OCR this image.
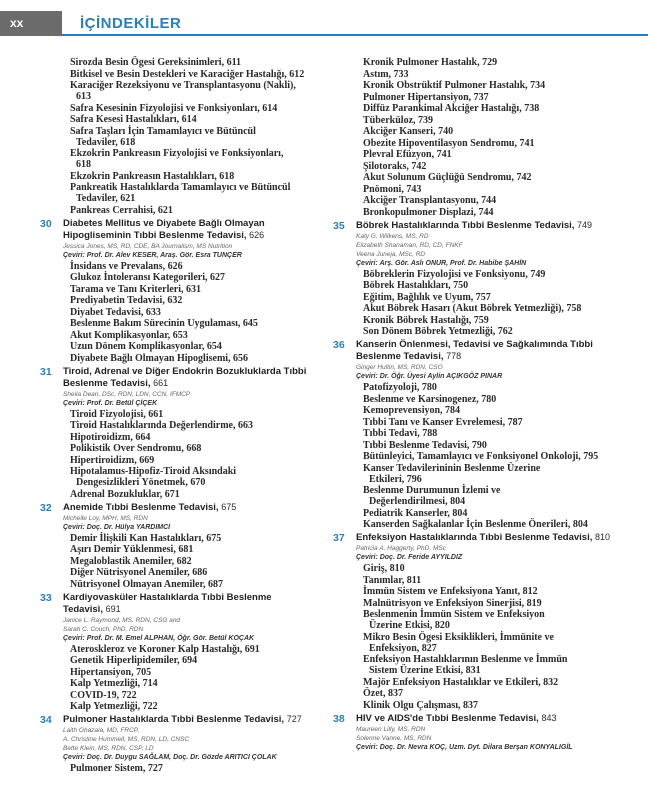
xx	İÇİNDEKİLER
Sirozda Besin Ögesi Gereksinimleri, 611
Bitkisel ve Besin Destekleri ve Karaciğer Hastalığı, 612
Karaciğer Rezeksiyonu ve Transplantasyonu (Nakli),
613
Safra Kesesinin Fizyolojisi ve Fonksiyonları, 614
Safra Kesesi Hastalıkları, 614
Safra Taşları İçin Tamamlayıcı ve Bütüncül
Tedaviler, 618
Ekzokrin Pankreasın Fizyolojisi ve Fonksiyonları,
618
Ekzokrin Pankreasın Hastalıkları, 618
Pankreatik Hastalıklarda Tamamlayıcı ve Bütüncül
Tedaviler, 621
Pankreas Cerrahisi, 621
30 Diabetes Mellitus ve Diyabete Bağlı Olmayan Hipogliseminin Tıbbi Beslenme Tedavisi, 626
Jessica Jones, MS, RD, CDE, BA Journalism, MS Nutrition
Çeviri: Prof. Dr. Alev KESER, Araş. Gör. Esra TUNÇER
İnsidans ve Prevalans, 626
Glukoz İntoleransı Kategorileri, 627
Tarama ve Tanı Kriterleri, 631
Prediyabetin Tedavisi, 632
Diyabet Tedavisi, 633
Beslenme Bakım Sürecinin Uygulaması, 645
Akut Komplikasyonlar, 653
Uzun Dönem Komplikasyonlar, 654
Diyabete Bağlı Olmayan Hipoglisemi, 656
31 Tiroid, Adrenal ve Diğer Endokrin Bozukluklarda Tıbbi Beslenme Tedavisi, 661
Sheila Dean, DSc, RDN, LDN, CCN, IFMCP
Çeviri: Prof. Dr. Betül ÇİÇEK
Tiroid Fizyolojisi, 661
Tiroid Hastalıklarında Değerlendirme, 663
Hipotiroidizm, 664
Polikistik Over Sendromu, 668
Hipertiroidizm, 669
Hipotalamus-Hipofiz-Tiroid Aksındaki
Dengesizlikleri Yönetmek, 670
Adrenal Bozukluklar, 671
32 Anemide Tıbbi Beslenme Tedavisi, 675
Michelle Loy, MPH, MS, RDN
Çeviri: Doç. Dr. Hülya YARDIMCI
Demir İlişkili Kan Hastalıkları, 675
Aşırı Demir Yüklenmesi, 681
Megaloblastik Anemiler, 682
Diğer Nütrisyonel Anemiler, 686
Nütrisyonel Olmayan Anemiler, 687
33 Kardiyovasküler Hastalıklarda Tıbbi Beslenme Tedavisi, 691
Janice L. Raymond, MS, RDN, CSG and
Sarah C. Couch, PhD, RDN
Çeviri: Prof. Dr. M. Emel ALPHAN, Öğr. Gör. Betül KOÇAK
Ateroskleroz ve Koroner Kalp Hastalığı, 691
Genetik Hiperlipidemiler, 694
Hipertansiyon, 705
Kalp Yetmezliği, 714
COVID-19, 722
Kalp Yetmezliği, 722
34 Pulmoner Hastalıklarda Tıbbi Beslenme Tedavisi, 727
Laith Ghazala, MD, FRCP,
A. Christine Hummell, MS, RDN, LD, CNSC
Bette Klein, MS, RDN, CSP, LD
Çeviri: Doç. Dr. Duygu SAĞLAM, Doç. Dr. Gözde ARITICI ÇOLAK
Pulmoner Sistem, 727
Kronik Pulmoner Hastalık, 729
Astım, 733
Kronik Obstrüktif Pulmoner Hastalık, 734
Pulmoner Hipertansiyon, 737
Diffüz Parankimal Akciğer Hastalığı, 738
Tüberküloz, 739
Akciğer Kanseri, 740
Obezite Hipoventilasyon Sendromu, 741
Plevral Efüzyon, 741
Şilotoraks, 742
Akut Solunum Güçlüğü Sendromu, 742
Pnömoni, 743
Akciğer Transplantasyonu, 744
Bronkopulmoner Displazi, 744
35 Böbrek Hastalıklarında Tıbbi Beslenme Tedavisi, 749
Katy G. Wilkens, MS, RD
Elizabeth Shanaman, RD, CD, FNKF
Veena Juneja, MSc, RD
Çeviri: Arş. Gör. Aslı ONUR, Prof. Dr. Habibe ŞAHİN
Böbreklerin Fizyolojisi ve Fonksiyonu, 749
Böbrek Hastalıkları, 750
Eğitim, Bağlılık ve Uyum, 757
Akut Böbrek Hasarı (Akut Böbrek Yetmezliği), 758
Kronik Böbrek Hastalığı, 759
Son Dönem Böbrek Yetmezliği, 762
36 Kanserin Önlenmesi, Tedavisi ve Sağkalımında Tıbbi Beslenme Tedavisi, 778
Ginger Hultin, MS, RDN, CSO
Çeviri: Dr. Öğr. Üyesi Aylin AÇIKGÖZ PINAR
Patofizyoloji, 780
Beslenme ve Karsinogenez, 780
Kemoprevensiyon, 784
Tıbbi Tanı ve Kanser Evrelemesi, 787
Tıbbi Tedavi, 788
Tıbbi Beslenme Tedavisi, 790
Bütünleyici, Tamamlayıcı ve Fonksiyonel Onkoloji, 795
Kanser Tedavilerininin Beslenme Üzerine
Etkileri, 796
Beslenme Durumunun İzlemi ve
Değerlendirilmesi, 804
Pediatrik Kanserler, 804
Kanserden Sağkalanlar İçin Beslenme Önerileri, 804
37 Enfeksiyon Hastalıklarında Tıbbi Beslenme Tedavisi, 810
Patricia A. Haggerty, PhD, MSc
Çeviri: Doç. Dr. Feride AYYILDIZ
Giriş, 810
Tanımlar, 811
İmmün Sistem ve Enfeksiyona Yanıt, 812
Malnütrisyon ve Enfeksiyon Sinerjisi, 819
Beslenmenin İmmün Sistem ve Enfeksiyon
Üzerine Etkisi, 820
Mikro Besin Ögesi Eksiklikleri, İmmünite ve
Enfeksiyon, 827
Enfeksiyon Hastalıklarının Beslenme ve İmmün
Sistem Üzerine Etkisi, 831
Majör Enfeksiyon Hastalıklar ve Etkileri, 832
Özet, 837
Klinik Olgu Çalışması, 837
38 HIV ve AIDS'de Tıbbi Beslenme Tedavisi, 843
Maureen Lilly, MS, RDN
Solenne Vanne, MS, RDN
Çeviri: Doç. Dr. Nevra KOÇ, Uzm. Dyt. Dilara Berşan KONYALIGİL
